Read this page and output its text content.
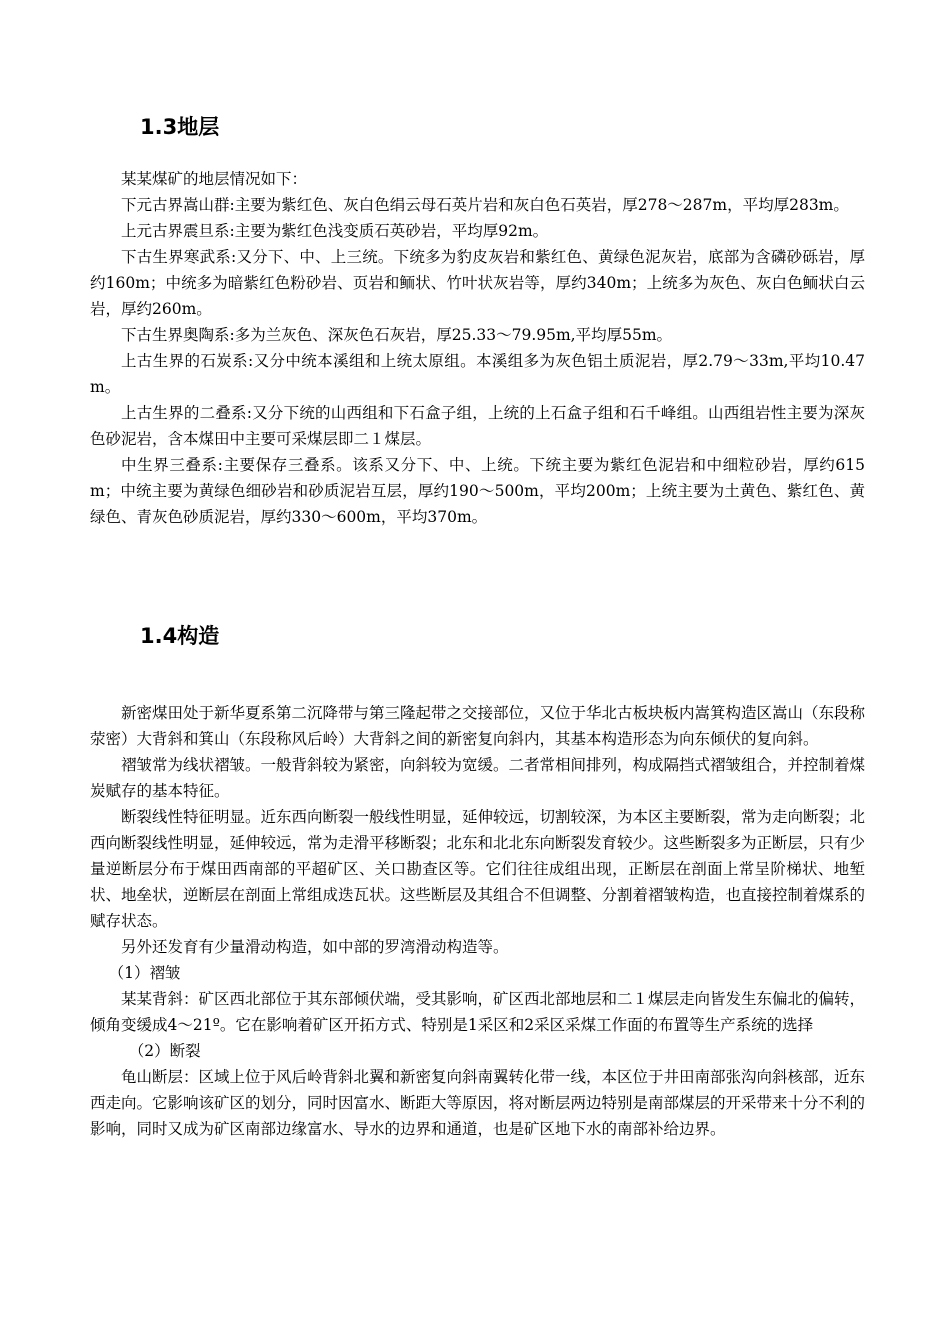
1.3地层

某某煤矿的地层情况如下：

下元古界嵩山群:主要为紫红色、灰白色绢云母石英片岩和灰白色石英岩，厚278～287m，平均厚283m。

上元古界震旦系:主要为紫红色浅变质石英砂岩，平均厚92m。

下古生界寒武系:又分下、中、上三统。下统多为豹皮灰岩和紫红色、黄绿色泥灰岩，底部为含磷砂砾岩，厚约160m；中统多为暗紫红色粉砂岩、页岩和鲕状、竹叶状灰岩等，厚约340m；上统多为灰色、灰白色鲕状白云岩，厚约260m。

下古生界奥陶系:多为兰灰色、深灰色石灰岩，厚25.33～79.95m,平均厚55m。

上古生界的石炭系:又分中统本溪组和上统太原组。本溪组多为灰色铝土质泥岩，厚2.79～33m,平均10.47m。

上古生界的二叠系:又分下统的山西组和下石盒子组，上统的上石盒子组和石千峰组。山西组岩性主要为深灰色砂泥岩，含本煤田中主要可采煤层即二１煤层。

中生界三叠系:主要保存三叠系。该系又分下、中、上统。下统主要为紫红色泥岩和中细粒砂岩，厚约615m；中统主要为黄绿色细砂岩和砂质泥岩互层，厚约190～500m，平均200m；上统主要为土黄色、紫红色、黄绿色、青灰色砂质泥岩，厚约330～600m，平均370m。

1.4构造

新密煤田处于新华夏系第二沉降带与第三隆起带之交接部位，又位于华北古板块板内嵩箕构造区嵩山（东段称荥密）大背斜和箕山（东段称风后岭）大背斜之间的新密复向斜内，其基本构造形态为向东倾伏的复向斜。

褶皱常为线状褶皱。一般背斜较为紧密，向斜较为宽缓。二者常相间排列，构成隔挡式褶皱组合，并控制着煤炭赋存的基本特征。

断裂线性特征明显。近东西向断裂一般线性明显，延伸较远，切割较深，为本区主要断裂，常为走向断裂；北西向断裂线性明显，延伸较远，常为走滑平移断裂；北东和北北东向断裂发育较少。这些断裂多为正断层，只有少量逆断层分布于煤田西南部的平超矿区、关口勘查区等。它们往往成组出现，正断层在剖面上常呈阶梯状、地堑状、地垒状，逆断层在剖面上常组成迭瓦状。这些断层及其组合不但调整、分割着褶皱构造，也直接控制着煤系的赋存状态。

另外还发育有少量滑动构造，如中部的罗湾滑动构造等。

（1）褶皱

某某背斜：矿区西北部位于其东部倾伏端，受其影响，矿区西北部地层和二１煤层走向皆发生东偏北的偏转，倾角变缓成4～21º。它在影响着矿区开拓方式、特别是1采区和2采区采煤工作面的布置等生产系统的选择

（2）断裂

龟山断层：区域上位于风后岭背斜北翼和新密复向斜南翼转化带一线，本区位于井田南部张沟向斜核部，近东西走向。它影响该矿区的划分，同时因富水、断距大等原因，将对断层两边特别是南部煤层的开采带来十分不利的影响，同时又成为矿区南部边缘富水、导水的边界和通道，也是矿区地下水的南部补给边界。
